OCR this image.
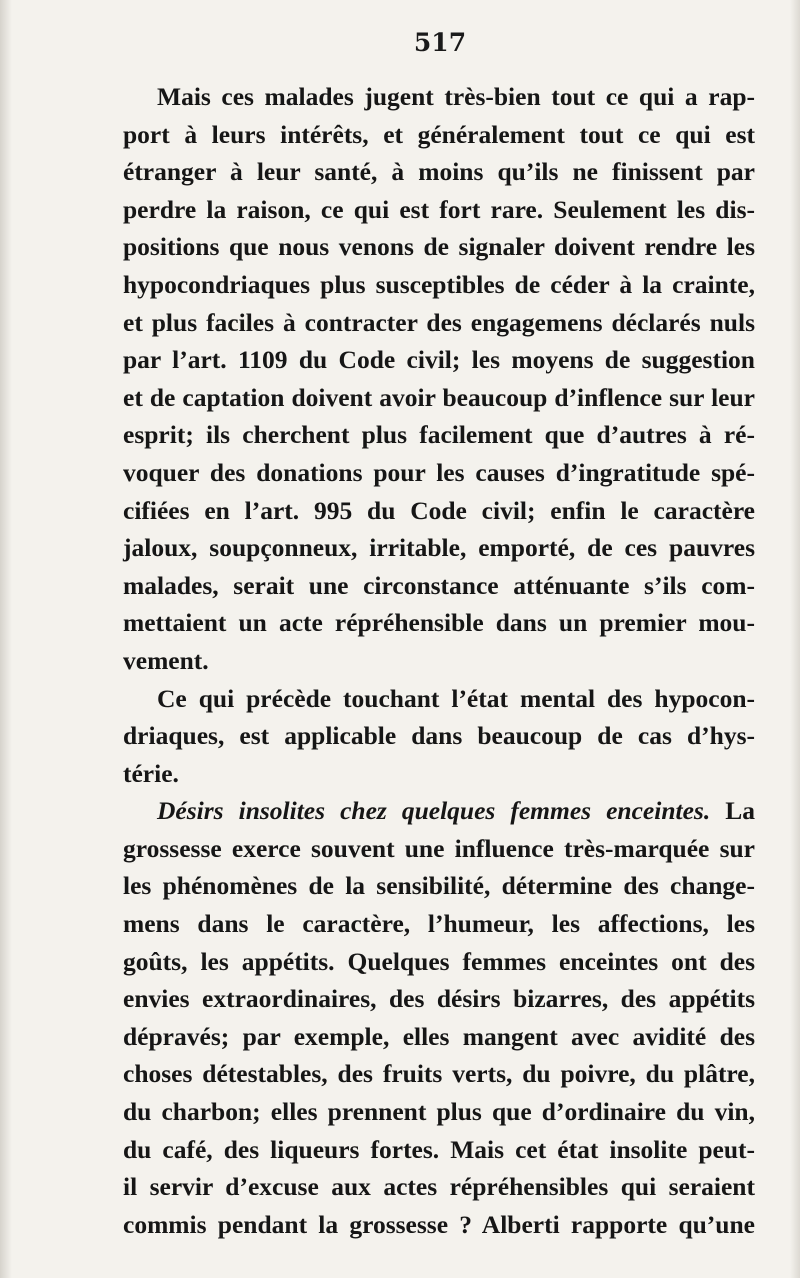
517
Mais ces malades jugent très-bien tout ce qui a rap-
port à leurs intérêts, et généralement tout ce qui est
étranger à leur santé, à moins qu’ils ne finissent par
perdre la raison, ce qui est fort rare. Seulement les dis-
positions que nous venons de signaler doivent rendre les
hypocondriaques plus susceptibles de céder à la crainte,
et plus faciles à contracter des engagemens déclarés nuls
par l’art. 1109 du Code civil; les moyens de suggestion
et de captation doivent avoir beaucoup d’inflence sur leur
esprit; ils cherchent plus facilement que d’autres à ré-
voquer des donations pour les causes d’ingratitude spé-
cifiées en l’art. 995 du Code civil; enfin le caractère
jaloux, soupçonneux, irritable, emporté, de ces pauvres
malades, serait une circonstance atténuante s’ils com-
mettaient un acte répréhensible dans un premier mou-
vement.
Ce qui précède touchant l’état mental des hypocon-
driaques, est applicable dans beaucoup de cas d’hys-
térie.
Désirs insolites chez quelques femmes enceintes. La
grossesse exerce souvent une influence très-marquée sur
les phénomènes de la sensibilité, détermine des change-
mens dans le caractère, l’humeur, les affections, les
goûts, les appétits. Quelques femmes enceintes ont des
envies extraordinaires, des désirs bizarres, des appétits
dépravés; par exemple, elles mangent avec avidité des
choses détestables, des fruits verts, du poivre, du plâtre,
du charbon; elles prennent plus que d’ordinaire du vin,
du café, des liqueurs fortes. Mais cet état insolite peut-
il servir d’excuse aux actes répréhensibles qui seraient
commis pendant la grossesse ? Alberti rapporte qu’une
